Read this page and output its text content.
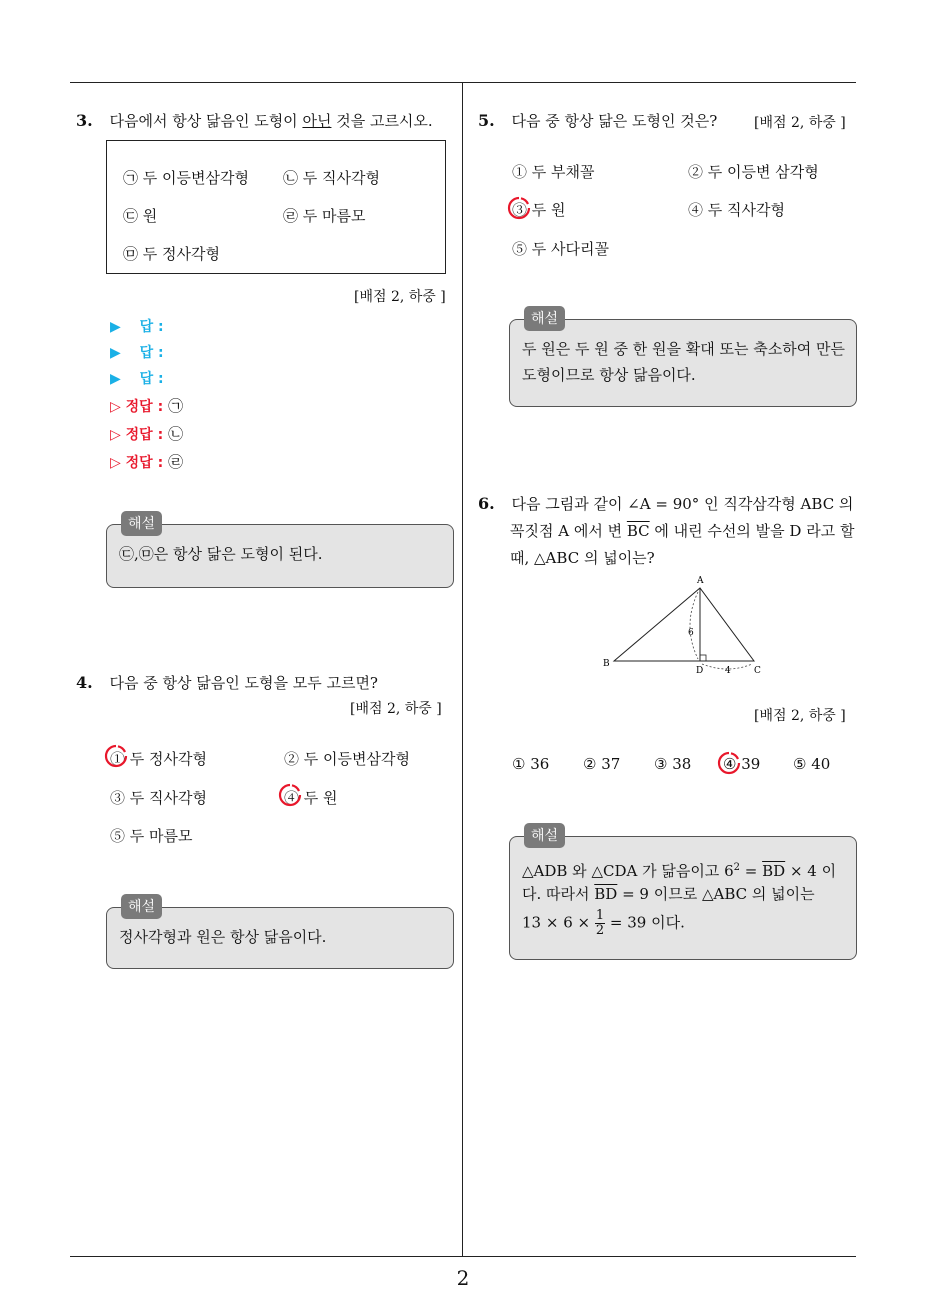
2
3. 다음에서 항상 닮음인 도형이 아닌 것을 고르시오.
㉠ 두 이등변삼각형 ㉡ 두 직사각형
㉢ 원	㉣ 두 마름모
㉤ 두 정사각형
[배점 2, 하중 ]
▶ 답 :
▶ 답 :
▶ 답 :
▷ 정답 : ㉠
▷ 정답 : ㉡
▷ 정답 : ㉣
해설
㉢,㉤은 항상 닮은 도형이 된다.
4. 다음 중 항상 닮음인 도형을 모두 고르면?
[배점 2, 하중 ]
① 두 정사각형	② 두 이등변삼각형
③ 두 직사각형	④ 두 원
⑤ 두 마름모
해설
정사각형과 원은 항상 닮음이다.
5. 다음 중 항상 닮은 도형인 것은?	[배점 2, 하중 ]
① 두 부채꼴	② 두 이등변 삼각형
③ 두 원	④ 두 직사각형
⑤ 두 사다리꼴
해설
두 원은 두 원 중 한 원을 확대 또는 축소하여 만든
도형이므로 항상 닮음이다.
6. 다음 그림과 같이 ∠A = 90° 인 직각삼각형 ABC 의
꼭짓점 A 에서 변 $\overline{BC}$ 에 내린 수선의 발을 D 라고 할
때, △ABC 의 넓이는?
A
B
C
D
6
4
[배점 2, 하중 ]
① 36 ② 37 ③ 38 ④ 39 ⑤ 40
해설
△ADB 와 △CDA 가 닮음이고 $6^2 = \overline{BD} \times 4$ 이
다. 따라서 $\overline{BD} = 9$ 이므로 △ABC 의 넓이는
$13 \times 6 \times \frac{1}{2} = 39$ 이다.
